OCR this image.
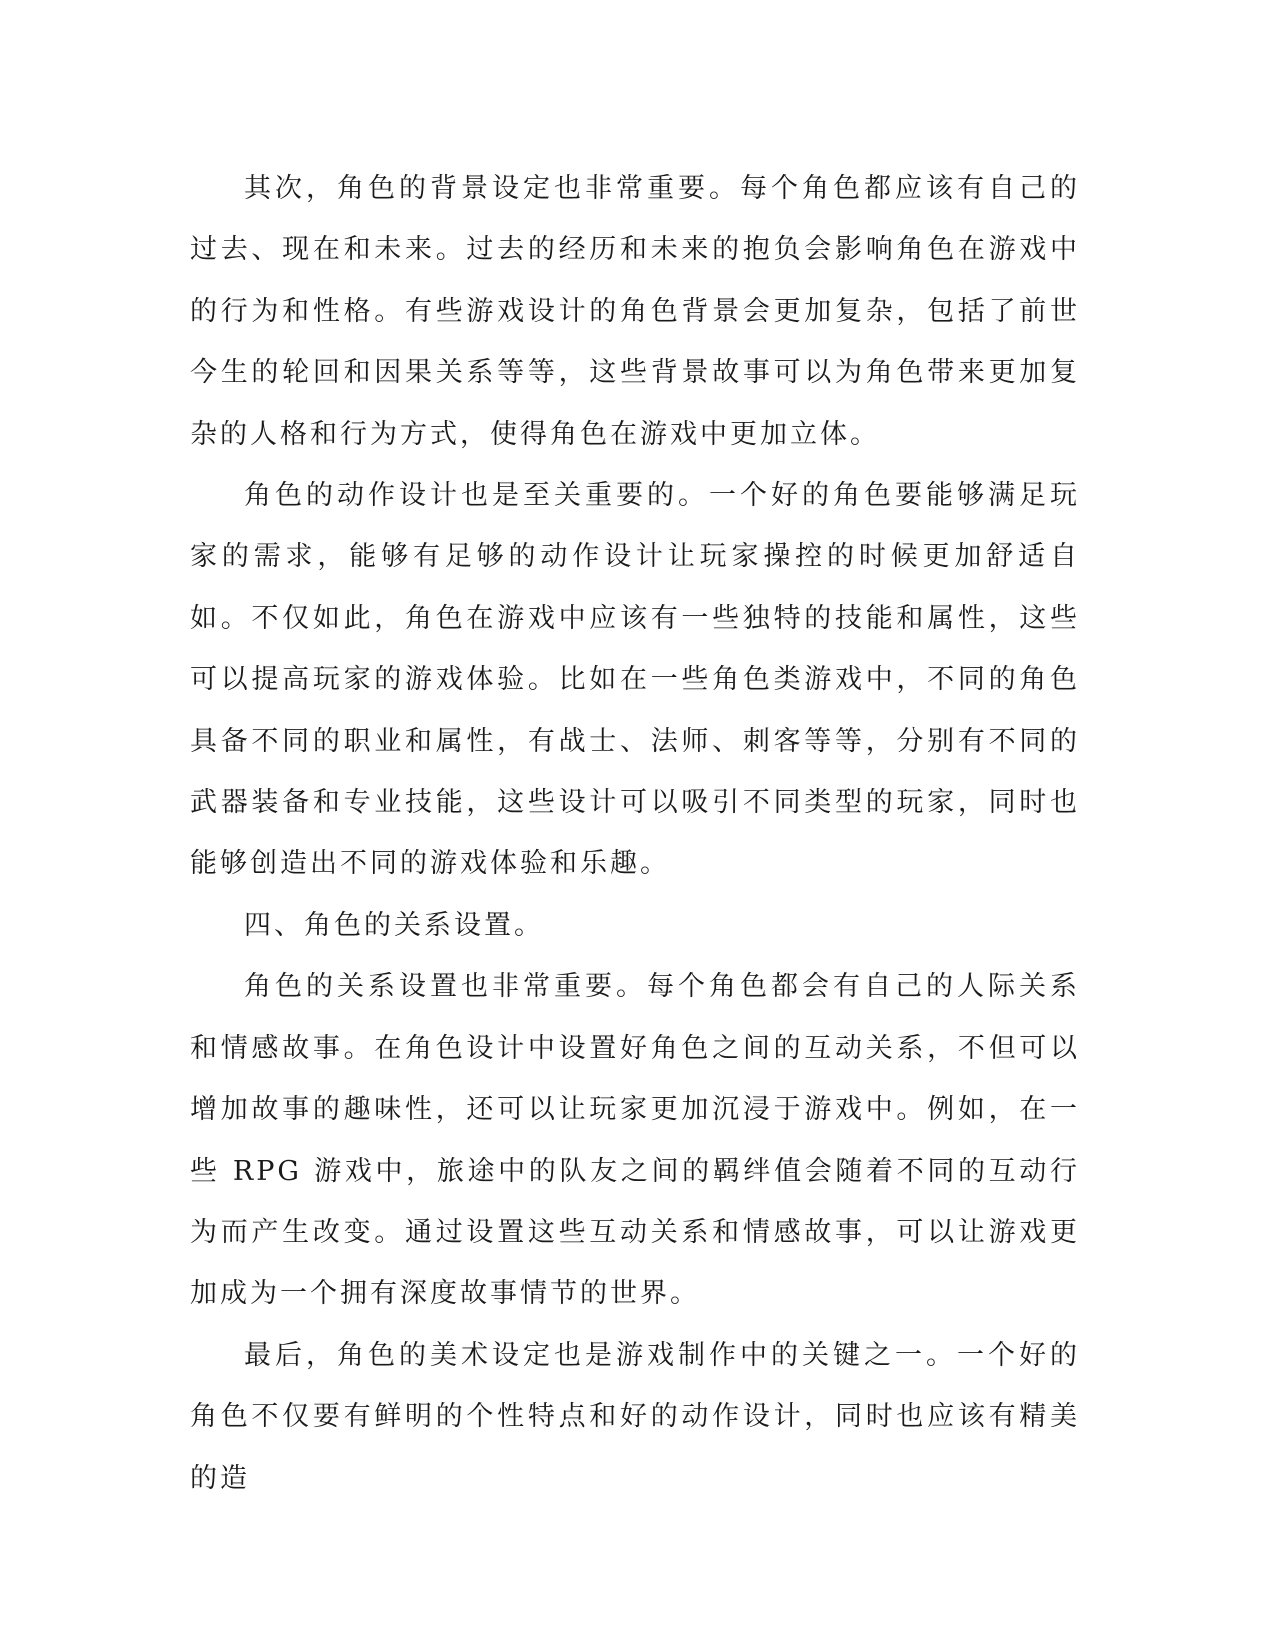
其次，角色的背景设定也非常重要。每个角色都应该有自己的过去、现在和未来。过去的经历和未来的抱负会影响角色在游戏中的行为和性格。有些游戏设计的角色背景会更加复杂，包括了前世今生的轮回和因果关系等等，这些背景故事可以为角色带来更加复杂的人格和行为方式，使得角色在游戏中更加立体。

角色的动作设计也是至关重要的。一个好的角色要能够满足玩家的需求，能够有足够的动作设计让玩家操控的时候更加舒适自如。不仅如此，角色在游戏中应该有一些独特的技能和属性，这些可以提高玩家的游戏体验。比如在一些角色类游戏中，不同的角色具备不同的职业和属性，有战士、法师、刺客等等，分别有不同的武器装备和专业技能，这些设计可以吸引不同类型的玩家，同时也能够创造出不同的游戏体验和乐趣。

四、角色的关系设置。

角色的关系设置也非常重要。每个角色都会有自己的人际关系和情感故事。在角色设计中设置好角色之间的互动关系，不但可以增加故事的趣味性，还可以让玩家更加沉浸于游戏中。例如，在一些 RPG 游戏中，旅途中的队友之间的羁绊值会随着不同的互动行为而产生改变。通过设置这些互动关系和情感故事，可以让游戏更加成为一个拥有深度故事情节的世界。

最后，角色的美术设定也是游戏制作中的关键之一。一个好的角色不仅要有鲜明的个性特点和好的动作设计，同时也应该有精美的造
